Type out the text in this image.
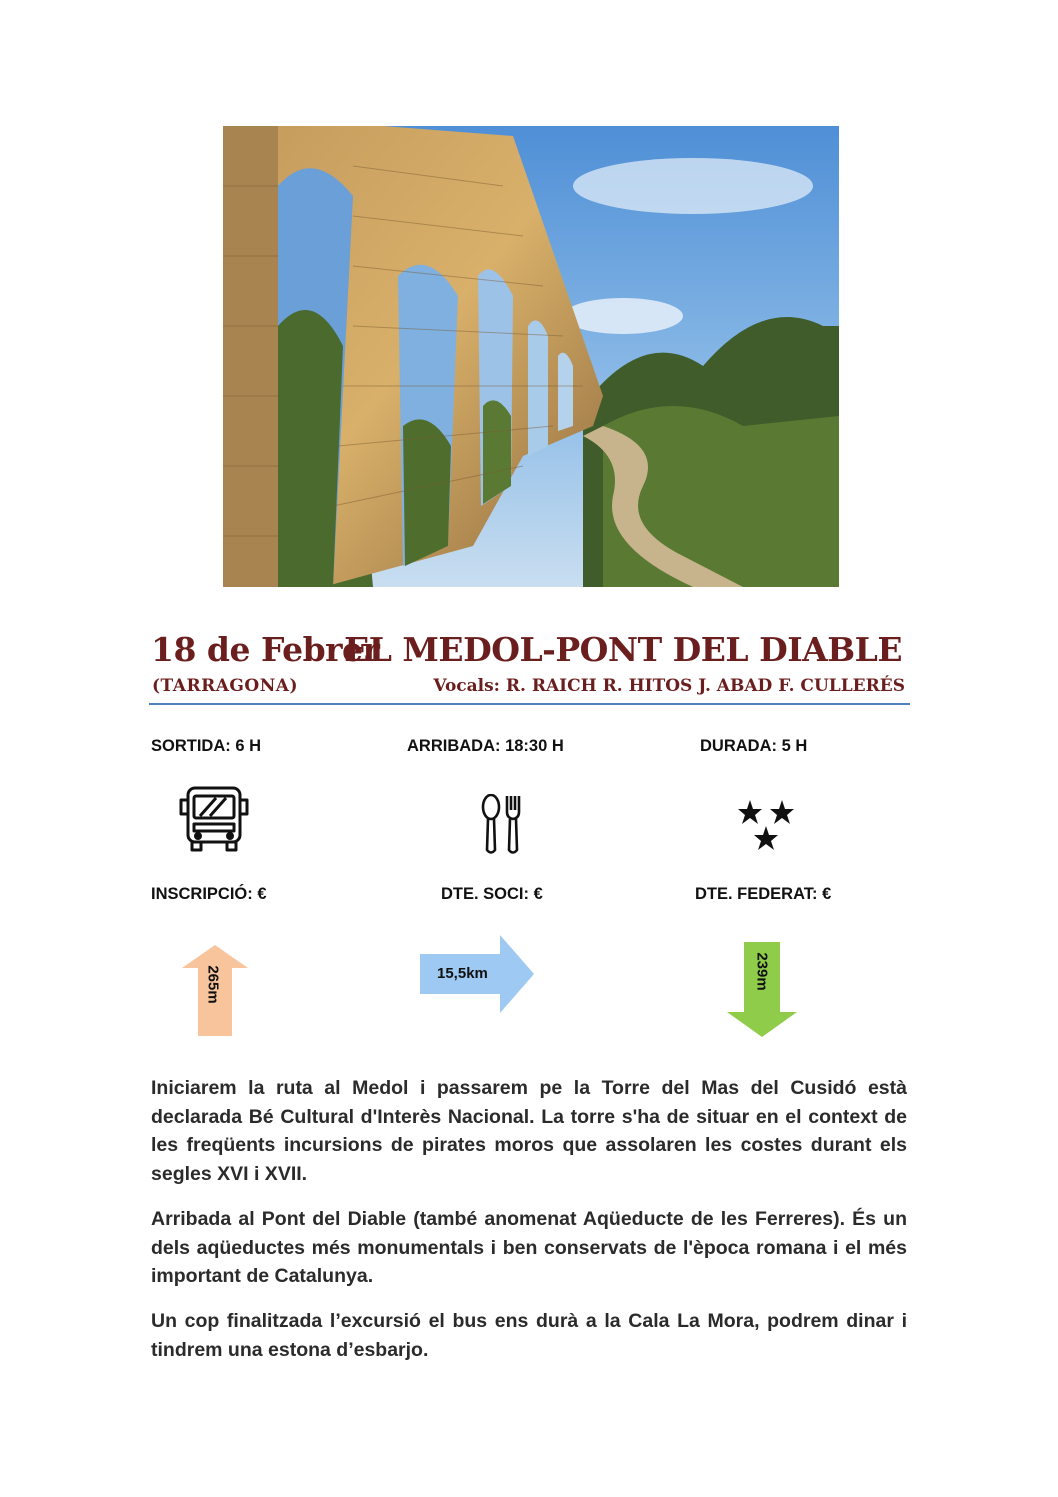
18 de Febrer
EL MEDOL-PONT DEL DIABLE
(TARRAGONA)	Vocals: R. RAICH R. HITOS J. ABAD F. CULLERÉS
SORTIDA: 6 H	ARRIBADA: 18:30 H	DURADA: 5 H
INSCRIPCIÓ: €	DTE. SOCI: €	DTE. FEDERAT: €
265m	15,5km	239m
Iniciarem la ruta al Medol i passarem pe la Torre del Mas del Cusidó està declarada Bé Cultural d'Interès Nacional. La torre s'ha de situar en el context de les freqüents incursions de pirates moros que assolaren les costes durant els segles XVI i XVII.
Arribada al Pont del Diable (també anomenat Aqüeducte de les Ferreres). És un dels aqüeductes més monumentals i ben conservats de l'època romana i el més important de Catalunya.
Un cop finalitzada l’excursió el bus ens durà a la Cala La Mora, podrem dinar i tindrem una estona d’esbarjo.
